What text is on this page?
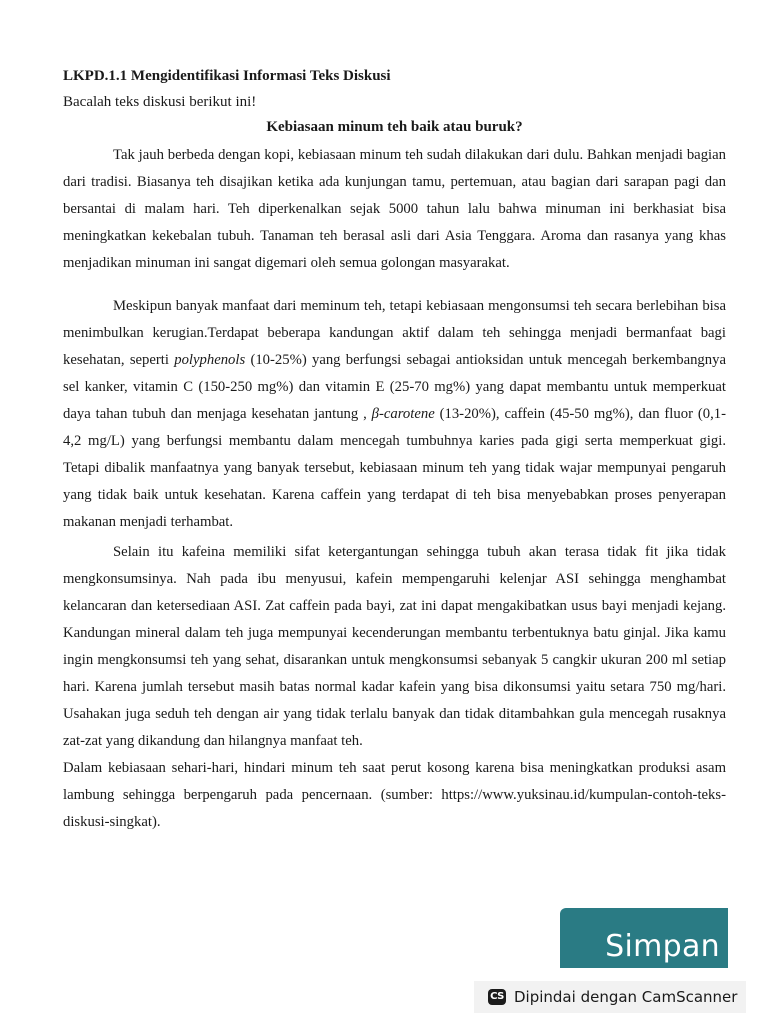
LKPD.1.1 Mengidentifikasi Informasi Teks Diskusi

Bacalah teks diskusi berikut ini!

Kebiasaan minum teh baik atau buruk?

Tak jauh berbeda dengan kopi, kebiasaan minum teh sudah dilakukan dari dulu. Bahkan menjadi bagian dari tradisi. Biasanya teh disajikan ketika ada kunjungan tamu, pertemuan, atau bagian dari sarapan pagi dan bersantai di malam hari. Teh diperkenalkan sejak 5000 tahun lalu bahwa minuman ini berkhasiat bisa meningkatkan kekebalan tubuh. Tanaman teh berasal asli dari Asia Tenggara. Aroma dan rasanya yang khas menjadikan minuman ini sangat digemari oleh semua golongan masyarakat.

Meskipun banyak manfaat dari meminum teh, tetapi kebiasaan mengonsumsi teh secara berlebihan bisa menimbulkan kerugian.Terdapat beberapa kandungan aktif dalam teh sehingga menjadi bermanfaat bagi kesehatan, seperti polyphenols (10-25%) yang berfungsi sebagai antioksidan untuk mencegah berkembangnya sel kanker, vitamin C (150-250 mg%) dan vitamin E (25-70 mg%) yang dapat membantu untuk memperkuat daya tahan tubuh dan menjaga kesehatan jantung , β-carotene (13-20%), caffein (45-50 mg%), dan fluor (0,1-4,2 mg/L) yang berfungsi membantu dalam mencegah tumbuhnya karies pada gigi serta memperkuat gigi. Tetapi dibalik manfaatnya yang banyak tersebut, kebiasaan minum teh yang tidak wajar mempunyai pengaruh yang tidak baik untuk kesehatan. Karena caffein yang terdapat di teh bisa menyebabkan proses penyerapan makanan menjadi terhambat.

Selain itu kafeina memiliki sifat ketergantungan sehingga tubuh akan terasa tidak fit jika tidak mengkonsumsinya. Nah pada ibu menyusui, kafein mempengaruhi kelenjar ASI sehingga menghambat kelancaran dan ketersediaan ASI. Zat caffein pada bayi, zat ini dapat mengakibatkan usus bayi menjadi kejang. Kandungan mineral dalam teh juga mempunyai kecenderungan membantu terbentuknya batu ginjal. Jika kamu ingin mengkonsumsi teh yang sehat, disarankan untuk mengkonsumsi sebanyak 5 cangkir ukuran 200 ml setiap hari. Karena jumlah tersebut masih batas normal kadar kafein yang bisa dikonsumsi yaitu setara 750 mg/hari. Usahakan juga seduh teh dengan air yang tidak terlalu banyak dan tidak ditambahkan gula mencegah rusaknya zat-zat yang dikandung dan hilangnya manfaat teh.

Dalam kebiasaan sehari-hari, hindari minum teh saat perut kosong karena bisa meningkatkan produksi asam lambung sehingga berpengaruh pada pencernaan. (sumber: https://www.yuksinau.id/kumpulan-contoh-teks- diskusi-singkat).

Simpan
CS Dipindai dengan CamScanner
